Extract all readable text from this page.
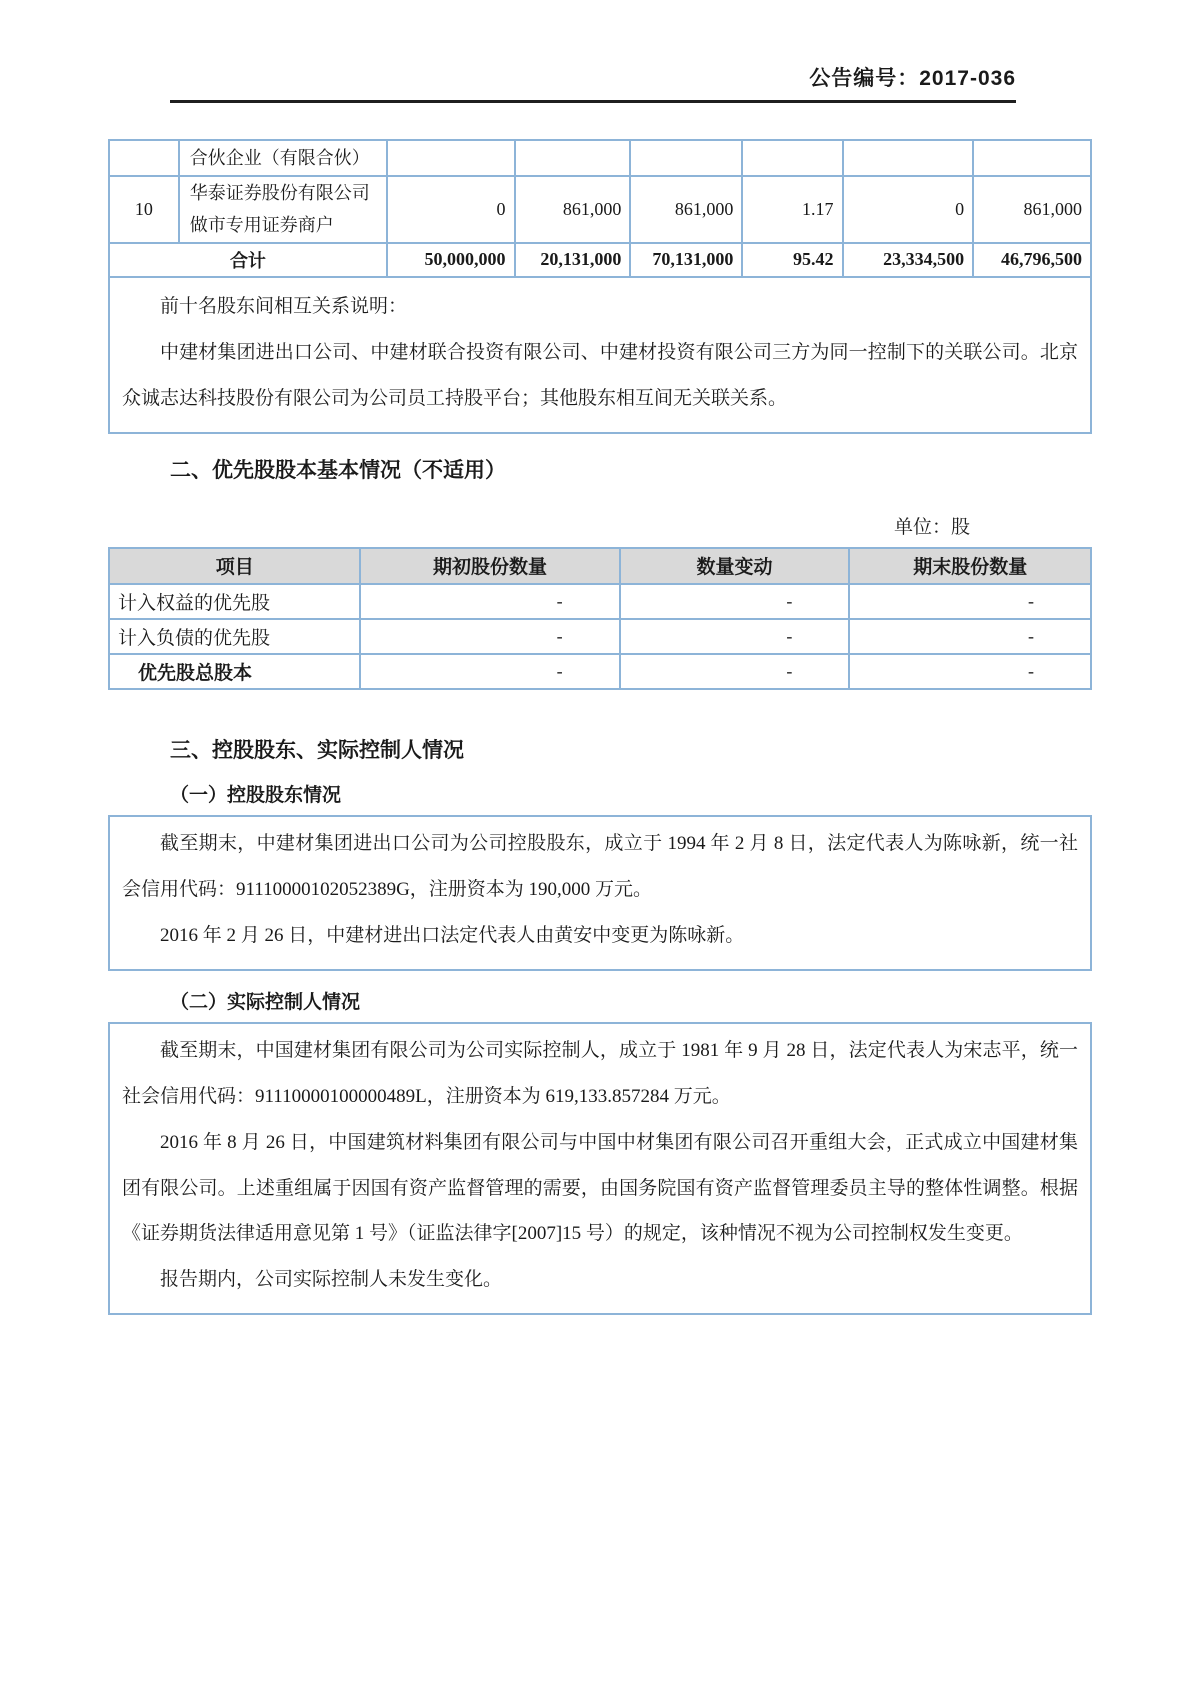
公告编号：2017-036
	合伙企业（有限合伙）						
10	华泰证券股份有限公司做市专用证券商户	0	861,000	861,000	1.17	0	861,000
合计		50,000,000	20,131,000	70,131,000	95.42	23,334,500	46,796,500

前十名股东间相互关系说明：
中建材集团进出口公司、中建材联合投资有限公司、中建材投资有限公司三方为同一控制下的关联公司。北京众诚志达科技股份有限公司为公司员工持股平台；其他股东相互间无关联关系。							
二、优先股股本基本情况（不适用）
单位：股
项目	期初股份数量	数量变动	期末股份数量
计入权益的优先股	-	-	-
计入负债的优先股	-	-	-
优先股总股本	-	-	-
三、控股股东、实际控制人情况
（一）控股股东情况

截至期末，中建材集团进出口公司为公司控股股东，成立于 1994 年 2 月 8 日，法定代表人为陈咏新，统一社会信用代码：91110000102052389G，注册资本为 190,000 万元。

2016 年 2 月 26 日，中建材进出口法定代表人由黄安中变更为陈咏新。

（二）实际控制人情况

截至期末，中国建材集团有限公司为公司实际控制人，成立于 1981 年 9 月 28 日，法定代表人为宋志平，统一社会信用代码：91110000100000489L，注册资本为 619,133.857284 万元。

2016 年 8 月 26 日，中国建筑材料集团有限公司与中国中材集团有限公司召开重组大会，正式成立中国建材集团有限公司。上述重组属于因国有资产监督管理的需要，由国务院国有资产监督管理委员主导的整体性调整。根据《证券期货法律适用意见第 1 号》（证监法律字[2007]15 号）的规定，该种情况不视为公司控制权发生变更。

报告期内，公司实际控制人未发生变化。
